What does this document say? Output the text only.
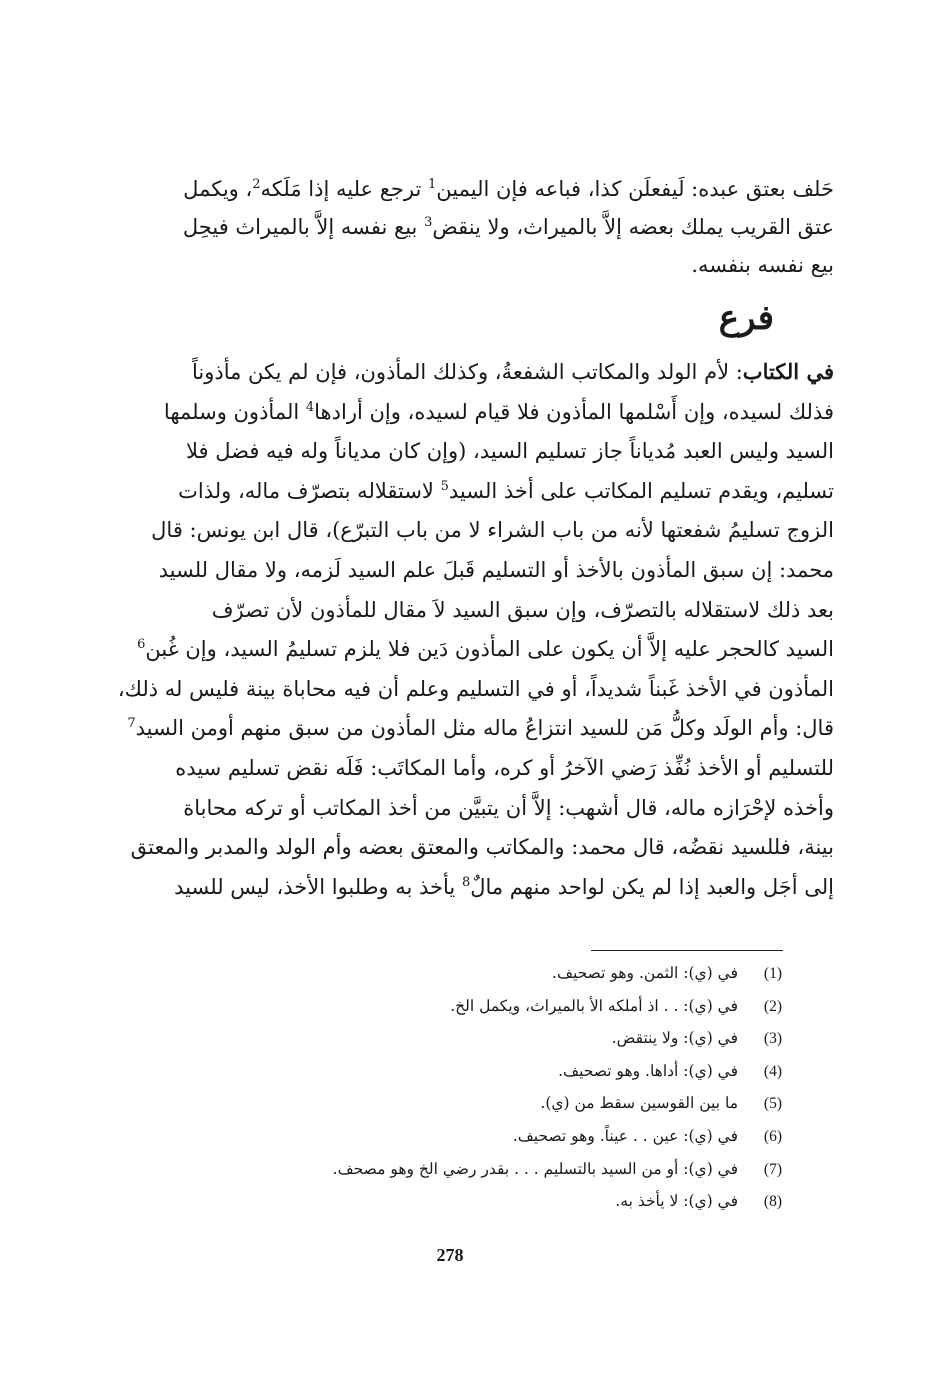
حَلف بعتق عبده: لَيفعلَن كذا، فباعه فإن اليمين$^1$ ترجع عليه إذا مَلَكه$^2$، ويكمل
عتق القريب يملك بعضه إلاَّ بالميراث، ولا ينقض$^3$ بيع نفسه إلاَّ بالميراث فيحِل
بيع نفسه بنفسه.
فرع
في الكتاب: لأم الولد والمكاتب الشفعةُ، وكذلك المأذون، فإن لم يكن مأذوناً
فذلك لسيده، وإن أَسْلمها المأذون فلا قيام لسيده، وإن أرادها$^4$ المأذون وسلمها
السيد وليس العبد مُدياناً جاز تسليم السيد، (وإن كان مدياناً وله فيه فضل فلا
تسليم، ويقدم تسليم المكاتب على أخذ السيد$^5$ لاستقلاله بتصرّف ماله، ولذات
الزوج تسليمُ شفعتها لأنه من باب الشراء لا من باب التبرّع)، قال ابن يونس: قال
محمد: إن سبق المأذون بالأخذ أو التسليم قَبلَ علم السيد لَزمه، ولا مقال للسيد
بعد ذلك لاستقلاله بالتصرّف، وإن سبق السيد لاَ مقال للمأذون لأن تصرّف
السيد كالحجر عليه إلاَّ أن يكون على المأذون دَين فلا يلزم تسليمُ السيد، وإن غُبن$^6$
المأذون في الأخذ غَبناً شديداً، أو في التسليم وعلم أن فيه محاباة بينة فليس له ذلك،
قال: وأم الولَد وكلُّ مَن للسيد انتزاعُ ماله مثل المأذون من سبق منهم أومن السيد$^7$
للتسليم أو الأخذ نُفِّذ رَضي الآخرُ أو كره، وأما المكاتَب: فَلَه نقض تسليم سيده
وأخذه لإحْرَازه ماله، قال أشهب: إلاَّ أن يتبيَّن من أخذ المكاتب أو تركه محاباة
بينة، فللسيد نقضُه، قال محمد: والمكاتب والمعتق بعضه وأم الولد والمدبر والمعتق
إلى أجَل والعبد إذا لم يكن لواحد منهم مالٌ$^8$ يأخذ به وطلبوا الأخذ، ليس للسيد
(1)
في (ي): الثمن. وهو تصحيف.
(2)
في (ي): . . اذ أملكه الأ بالميراث، ويكمل الخ.
(3)
في (ي): ولا ينتقض.
(4)
في (ي): أداها. وهو تصحيف.
(5)
ما بين القوسين سقط من (ي).
(6)
في (ي): عين . . عيناً. وهو تصحيف.
(7)
في (ي): أو من السيد بالتسليم . . . بقدر رضي الخ وهو مصحف.
(8)
في (ي): لا يأخذ به.
278
